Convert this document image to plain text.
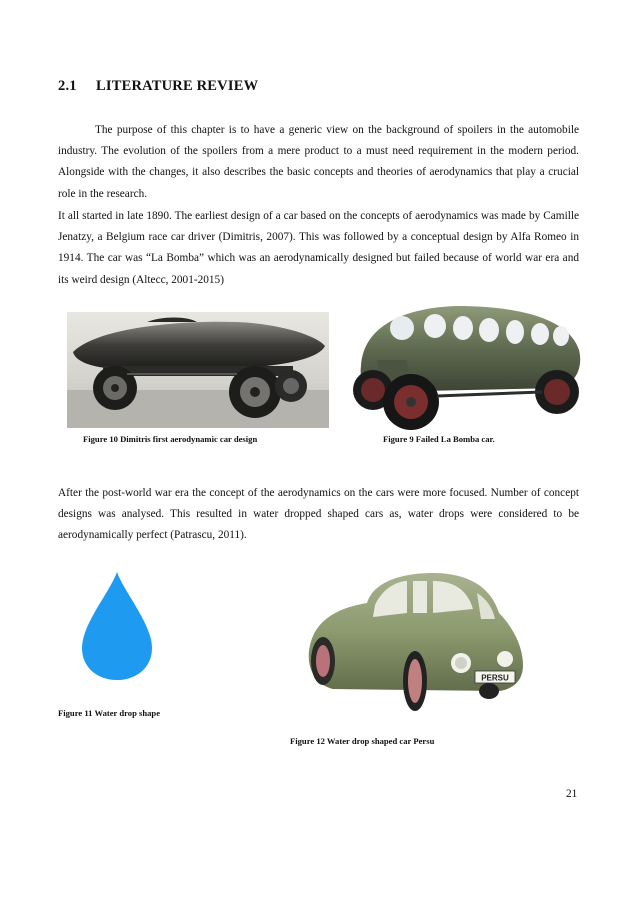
2.1 LITERATURE REVIEW

The purpose of this chapter is to have a generic view on the background of spoilers in the automobile industry. The evolution of the spoilers from a mere product to a must need requirement in the modern period. Alongside with the changes, it also describes the basic concepts and theories of aerodynamics that play a crucial role in the research.

It all started in late 1890. The earliest design of a car based on the concepts of aerodynamics was made by Camille Jenatzy, a Belgium race car driver (Dimitris, 2007). This was followed by a conceptual design by Alfa Romeo in 1914. The car was “La Bomba” which was an aerodynamically designed but failed because of world war era and its weird design (Altecc, 2001-2015)

Figure 10 Dimitris first aerodynamic car design	Figure 9 Failed La Bomba car.

After the post-world war era the concept of the aerodynamics on the cars were more focused. Number of concept designs was analysed. This resulted in water dropped shaped cars as, water drops were considered to be aerodynamically perfect (Patrascu, 2011).

Figure 11 Water drop shape
PERSU
Figure 12 Water drop shaped car Persu
21
